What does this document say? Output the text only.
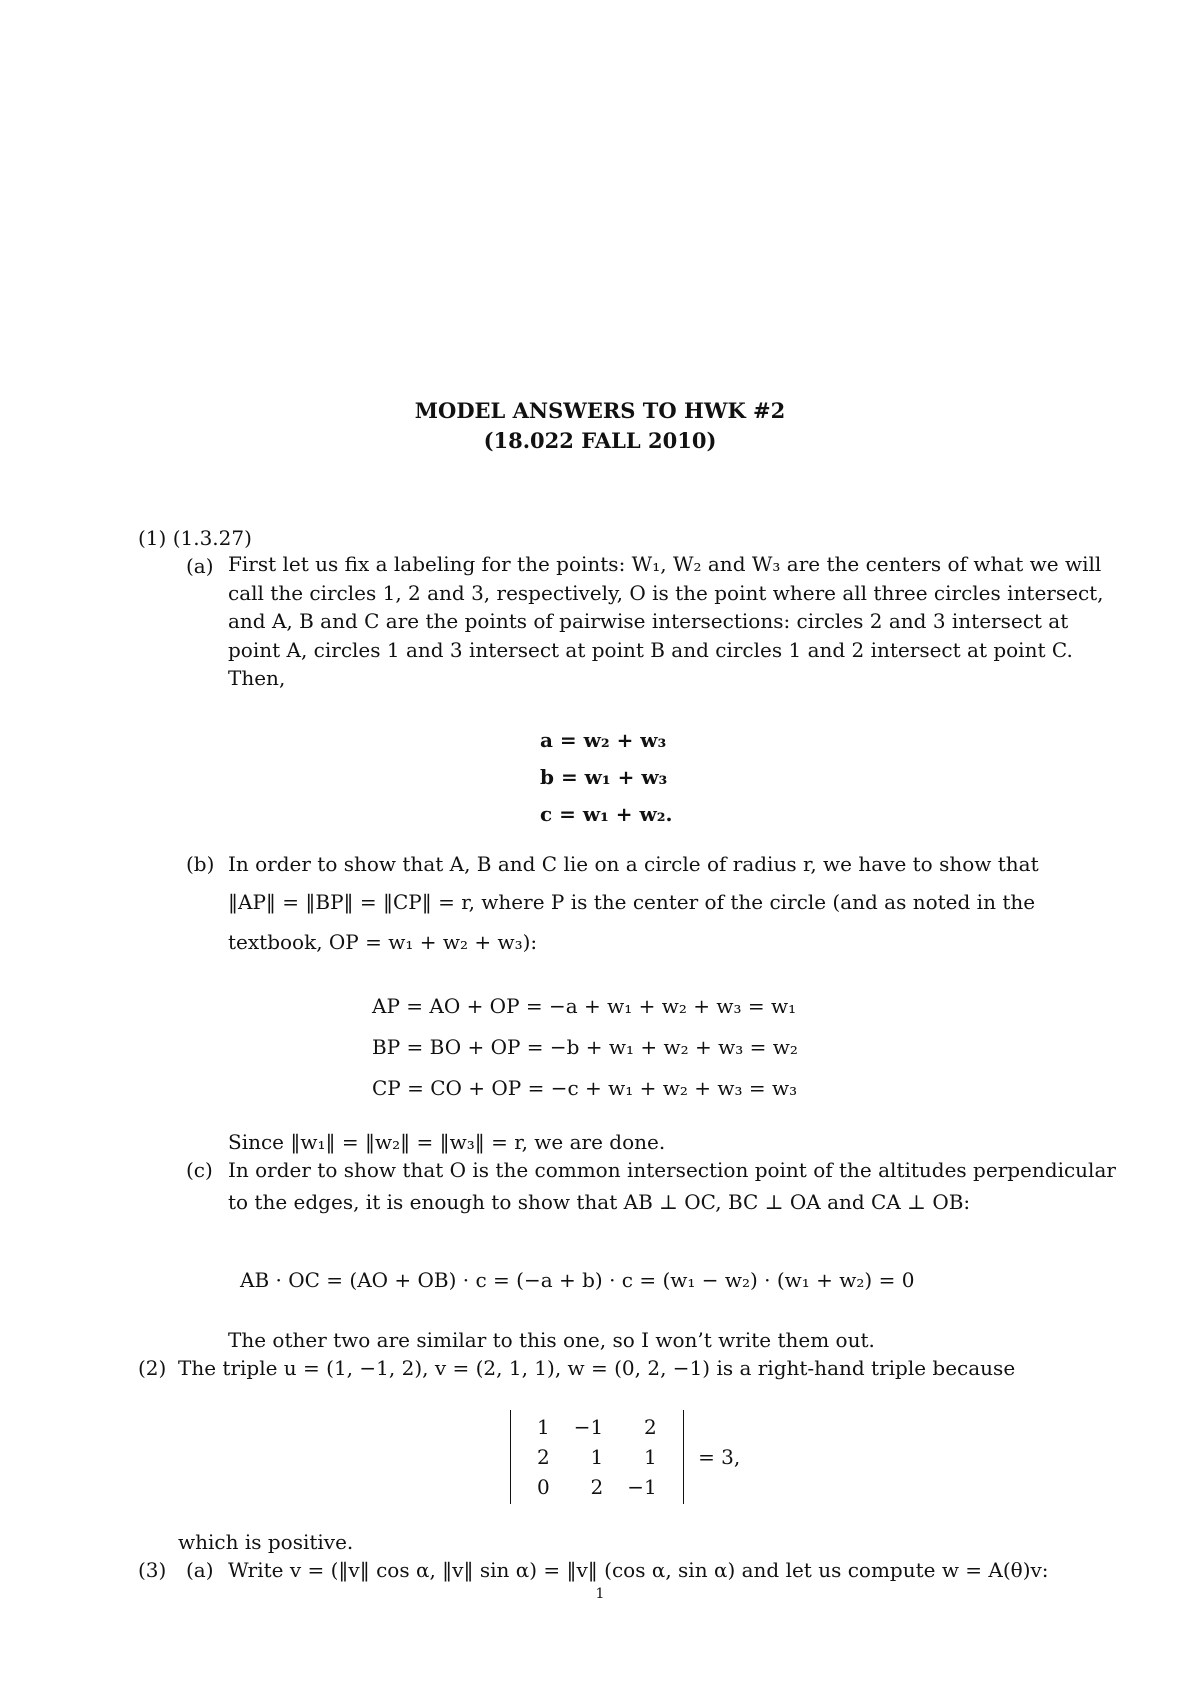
MODEL ANSWERS TO HWK #2
(18.022 FALL 2010)
(1) (1.3.27)
(a) First let us fix a labeling for the points: W₁, W₂ and W₃ are the centers of what we will
call the circles 1, 2 and 3, respectively, O is the point where all three circles intersect,
and A, B and C are the points of pairwise intersections: circles 2 and 3 intersect at
point A, circles 1 and 3 intersect at point B and circles 1 and 2 intersect at point C.
Then,
a = w₂ + w₃
b = w₁ + w₃
c = w₁ + w₂.
(b) In order to show that A, B and C lie on a circle of radius r, we have to show that
‖AP‖ = ‖BP‖ = ‖CP‖ = r, where P is the center of the circle (and as noted in the
textbook, OP = w₁ + w₂ + w₃):
AP = AO + OP = −a + w₁ + w₂ + w₃ = w₁
BP = BO + OP = −b + w₁ + w₂ + w₃ = w₂
CP = CO + OP = −c + w₁ + w₂ + w₃ = w₃
Since ‖w₁‖ = ‖w₂‖ = ‖w₃‖ = r, we are done.
(c) In order to show that O is the common intersection point of the altitudes perpendicular
to the edges, it is enough to show that AB ⊥ OC, BC ⊥ OA and CA ⊥ OB:
AB · OC = (AO + OB) · c = (−a + b) · c = (w₁ − w₂) · (w₁ + w₂) = 0
The other two are similar to this one, so I won’t write them out.
(2) The triple u = (1, −1, 2), v = (2, 1, 1), w = (0, 2, −1) is a right-hand triple because
1	−1	2
2	1	1
0	2	−1
= 3,
which is positive.
(3) (a) Write v = (‖v‖ cos α, ‖v‖ sin α) = ‖v‖ (cos α, sin α) and let us compute w = A(θ)v:
1
